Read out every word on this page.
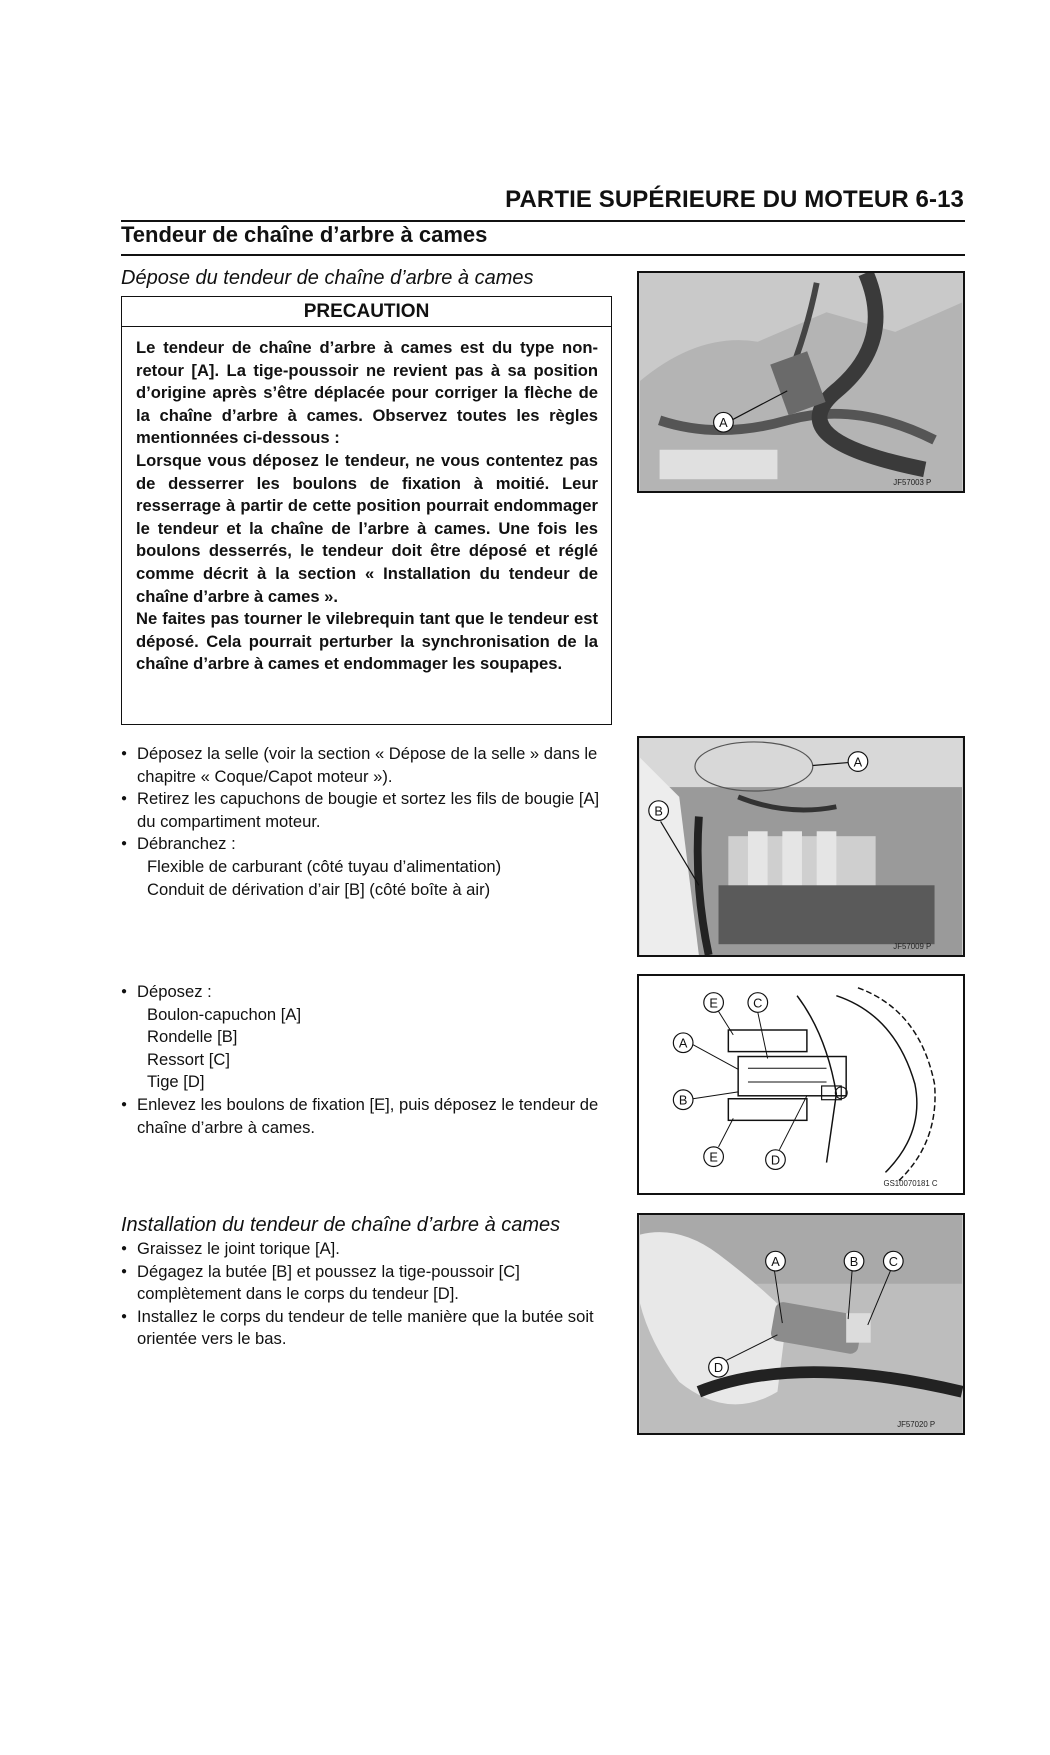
PARTIE SUPÉRIEURE DU MOTEUR 6-13
Tendeur de chaîne d’arbre à cames
Dépose du tendeur de chaîne d’arbre à cames
PRECAUTION

Le tendeur de chaîne d’arbre à cames est du type non-retour [A]. La tige-poussoir ne revient pas à sa position d’origine après s’être déplacée pour corriger la flèche de la chaîne d’arbre à cames. Observez toutes les règles mentionnées ci-dessous :

Lorsque vous déposez le tendeur, ne vous contentez pas de desserrer les boulons de fixation à moitié. Leur resserrage à partir de cette position pourrait endommager le tendeur et la chaîne de l’arbre à cames. Une fois les boulons desserrés, le tendeur doit être déposé et réglé comme décrit à la section « Installation du tendeur de chaîne d’arbre à cames ».

Ne faites pas tourner le vilebrequin tant que le tendeur est déposé. Cela pourrait perturber la synchronisation de la chaîne d’arbre à cames et endommager les soupapes.

● Déposez la selle (voir la section « Dépose de la selle » dans le chapitre « Coque/Capot moteur »).

● Retirez les capuchons de bougie et sortez les fils de bougie [A] du compartiment moteur.

● Débranchez :

Flexible de carburant (côté tuyau d’alimentation)

Conduit de dérivation d’air [B] (côté boîte à air)

● Déposez :

Boulon-capuchon [A]

Rondelle [B]

Ressort [C]

Tige [D]

● Enlevez les boulons de fixation [E], puis déposez le tendeur de chaîne d’arbre à cames.

Installation du tendeur de chaîne d’arbre à cames

● Graissez le joint torique [A].

● Dégagez la butée [B] et poussez la tige-poussoir [C] complètement dans le corps du tendeur [D].

● Installez le corps du tendeur de telle manière que la butée soit orientée vers le bas.

A
JF57003 P
A
B
JF57009 P
E	C
A
B
E	D
GS10070181 C
A	B C
D
JF57020 P
